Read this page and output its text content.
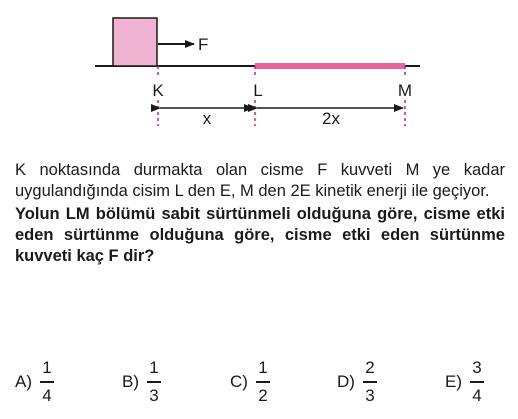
F
K	L	M
x	2x

K noktasında durmakta olan cisme F kuvveti M ye kadar uygulandığında cisim L den E, M den 2E kinetik enerji ile geçiyor.

Yolun LM bölümü sabit sürtünmeli olduğuna göre, cisme etki eden sürtünme olduğuna göre, cisme etki eden sürtünme kuvveti kaç F dir?

$A) \frac{1}{4}$	$B) \frac{1}{3}$	$C) \frac{1}{2}$	$D) \frac{2}{3}$	$E) \frac{3}{4}$
